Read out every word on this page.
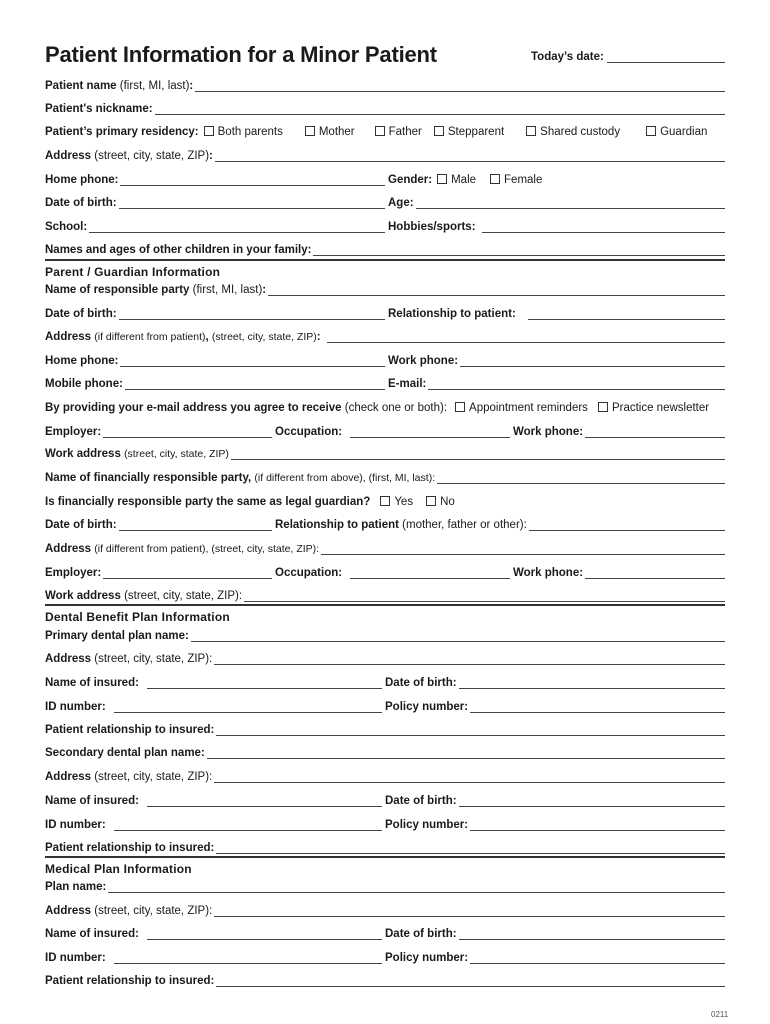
Patient Information for a Minor Patient	Today’s date:
Patient name
(first, MI, last) :
Patient's nickname:
Patient’s primary residency: Both parents	Mother	Father Stepparent	Shared custody	Guardian
Address
(street, city, state, ZIP) :
Home phone:	Gender: Male Female
Date of birth:	Age:
School:	Hobbies/sports:
Names and ages of other children in your family:
Parent / Guardian Information
Name of responsible party
(first, MI, last) :
Date of birth:	Relationship to patient:
Address
(if different from patient) ,
(street, city, state, ZIP) :
Home phone:	Work phone:
Mobile phone:	E-mail:
By providing your e-mail address you agree to receive
(check one or both): Appointment reminders Practice newsletter
Employer:	Occupation:	Work phone:
Work address
(street, city, state, ZIP)
Name of financially responsible party,
(if different from above), (first, MI, last):
Is financially responsible party the same as legal guardian? Yes No
Date of birth:	Relationship to patient
(mother, father or other):
Address
(if different from patient), (street, city, state, ZIP):
Employer:	Occupation:	Work phone:
Work address
(street, city, state, ZIP):
Dental Benefit Plan Information
Primary dental plan name:
Address
(street, city, state, ZIP):
Name of insured:	Date of birth:
ID number:	Policy number:
Patient relationship to insured:
Secondary dental plan name:
Address
(street, city, state, ZIP):
Name of insured:	Date of birth:
ID number:	Policy number:
Patient relationship to insured:
Medical Plan Information
Plan name:
Address
(street, city, state, ZIP):
Name of insured:	Date of birth:
ID number:	Policy number:
Patient relationship to insured:
0211
